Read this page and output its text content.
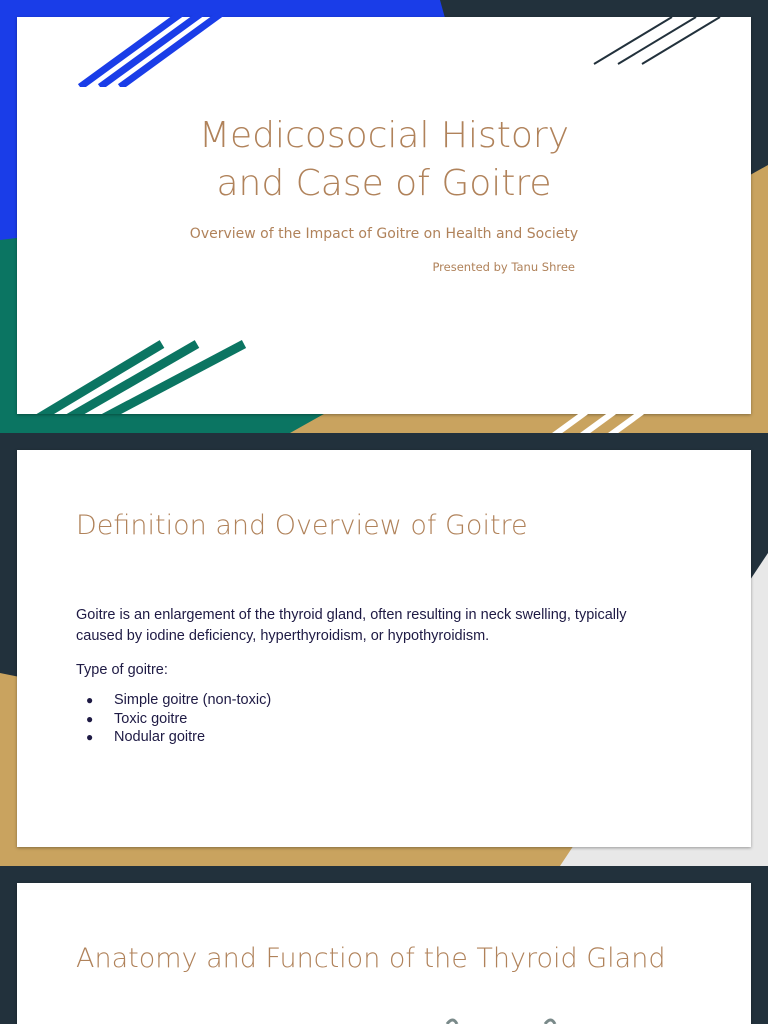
Medicosocial History
and Case of Goitre
Overview of the Impact of Goitre on Health and Society
Presented by Tanu Shree
Definition and Overview of Goitre
Goitre is an enlargement of the thyroid gland, often resulting in neck swelling, typically caused by iodine deficiency, hyperthyroidism, or hypothyroidism.
Type of goitre:
● Simple goitre (non-toxic)
● Toxic goitre
● Nodular goitre
Anatomy and Function of the Thyroid Gland
